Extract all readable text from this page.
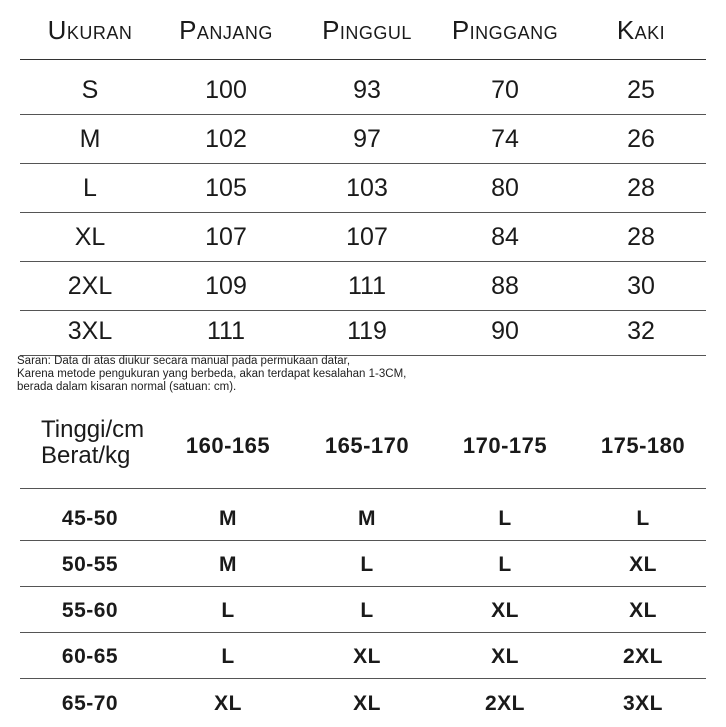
Ukuran	Panjang	Pinggul	Pinggang	Kaki
S	100	93	70	25
M	102	97	74	26
L	105	103	80	28
XL	107	107	84	28
2XL	109	111	88	30
3XL	111	119	90	32
Saran: Data di atas diukur secara manual pada permukaan datar,
Karena metode pengukuran yang berbeda, akan terdapat kesalahan 1-3CM,
berada dalam kisaran normal (satuan: cm).
Tinggi/cm
Berat/kg	160-165	165-170	170-175	175-180
45-50	M	M	L	L
50-55	M	L	L	XL
55-60	L	L	XL	XL
60-65	L	XL	XL	2XL
65-70	XL	XL	2XL	3XL
